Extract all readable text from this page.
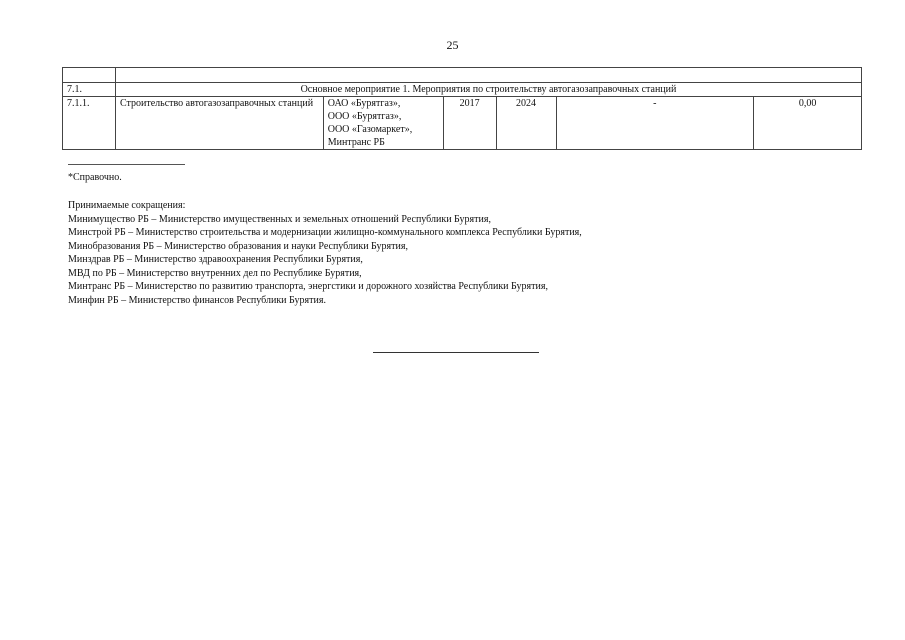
25

7.1.	Основное мероприятие 1. Мероприятия по строительству автогазозаправочных станций					
7.1.1.	Строительство автогазозаправочных станций	ОАО «Бурятгаз»,
ООО «Бурятгаз»,
ООО «Газомаркет»,
Минтранс РБ	2017	2024	-	0,00
*Справочно.
Принимаемые сокращения:
Минимущество РБ – Министерство имущественных и земельных отношений Республики Бурятия,
Минстрой РБ – Министерство строительства и модернизации жилищно-коммунального комплекса Республики Бурятия,
Минобразования РБ – Министерство образования и науки Республики Бурятия,
Минздрав РБ – Министерство здравоохранения Республики Бурятия,
МВД по РБ – Министерство внутренних дел по Республике Бурятия,
Минтранс РБ – Министерство по развитию транспорта, энергстики и дорожного хозяйства Республики Бурятия,
Минфин РБ – Министерство финансов Республики Бурятия.
